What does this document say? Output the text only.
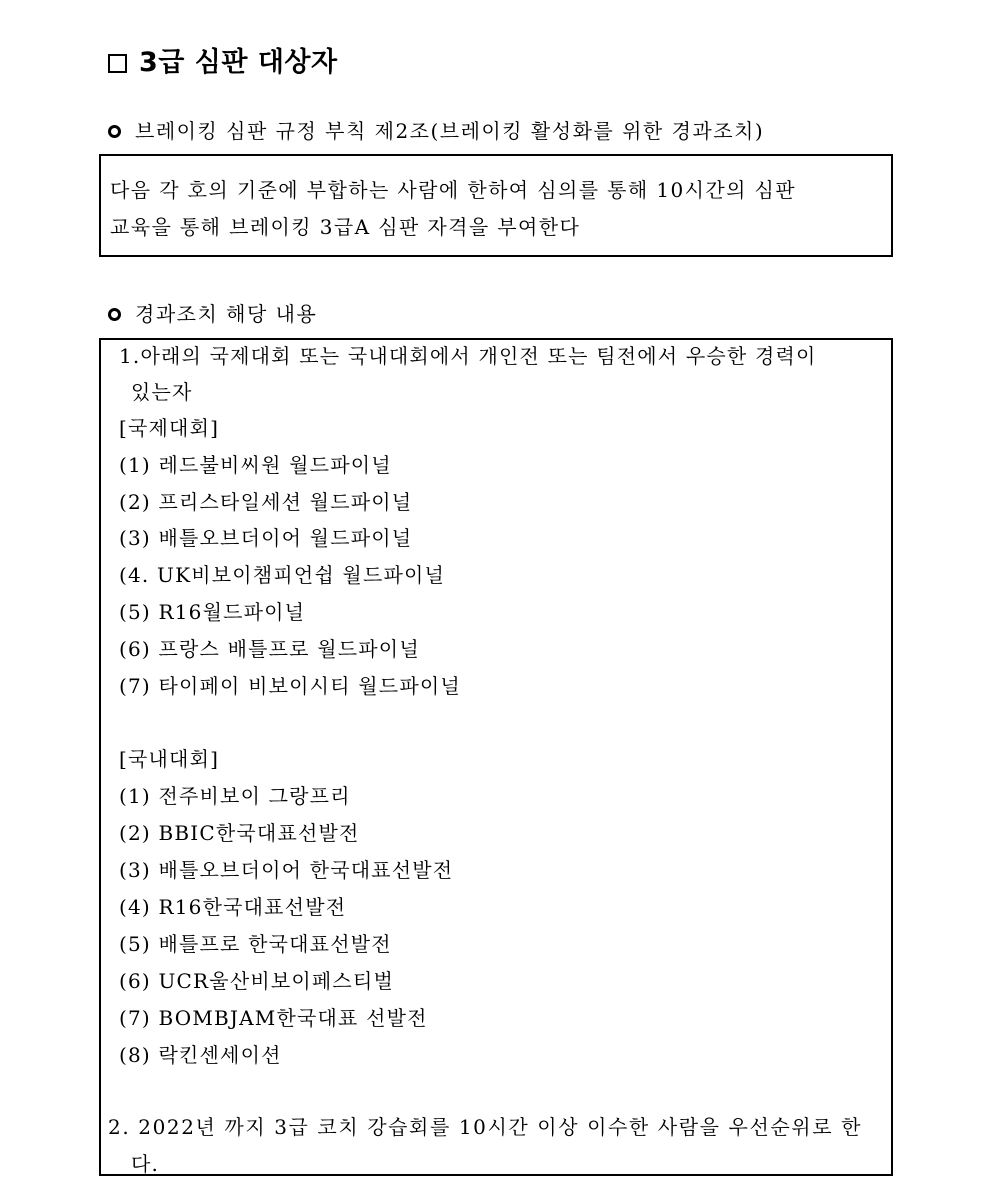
3급 심판 대상자
브레이킹 심판 규정 부칙 제2조(브레이킹 활성화를 위한 경과조치)
다음 각 호의 기준에 부합하는 사람에 한하여 심의를 통해 10시간의 심판
교육을 통해 브레이킹 3급A 심판 자격을 부여한다
경과조치 해당 내용
1.아래의 국제대회 또는 국내대회에서 개인전 또는 팀전에서 우승한 경력이
있는자
[국제대회]
(1) 레드불비씨원 월드파이널
(2) 프리스타일세션 월드파이널
(3) 배틀오브더이어 월드파이널
(4. UK비보이챔피언쉽 월드파이널
(5) R16월드파이널
(6) 프랑스 배틀프로 월드파이널
(7) 타이페이 비보이시티 월드파이널
[국내대회]
(1) 전주비보이 그랑프리
(2) BBIC한국대표선발전
(3) 배틀오브더이어 한국대표선발전
(4) R16한국대표선발전
(5) 배틀프로 한국대표선발전
(6) UCR울산비보이페스티벌
(7) BOMBJAM한국대표 선발전
(8) 락킨센세이션
2. 2022년 까지 3급 코치 강습회를 10시간 이상 이수한 사람을 우선순위로 한
다.
